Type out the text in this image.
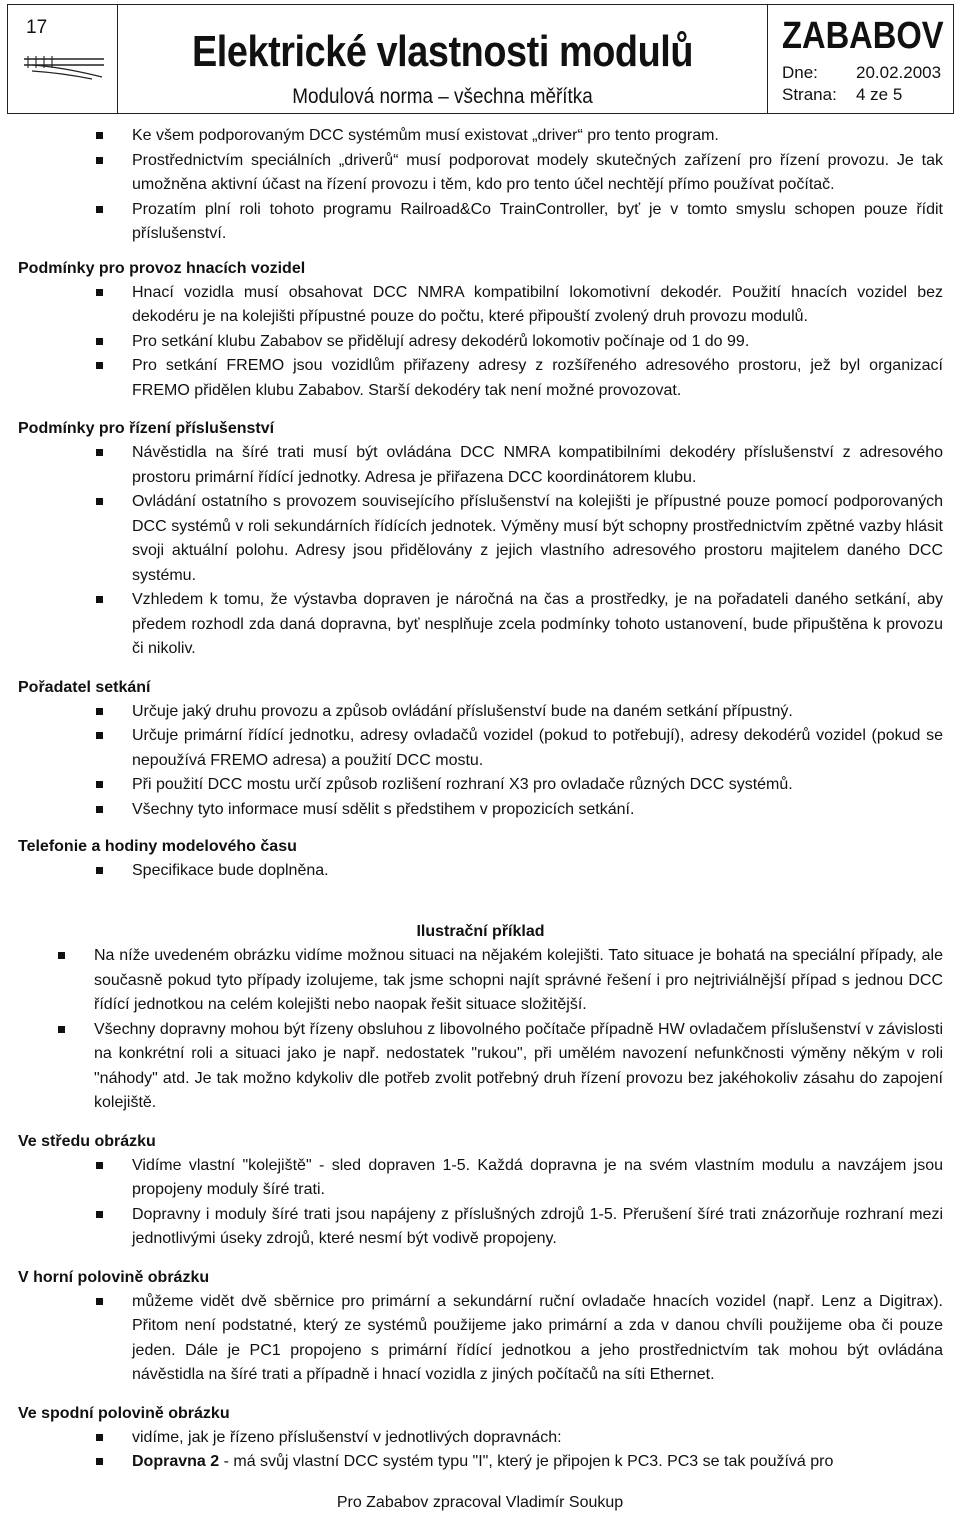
17	Elektrické vlastnosti modulů
Modulová norma – všechna měřítka
ZABABOV
Dne: 20.02.2003
Strana: 4 ze 5
Ke všem podporovaným DCC systémům musí existovat „driver“ pro tento program.
Prostřednictvím speciálních „driverů“ musí podporovat modely skutečných zařízení pro řízení provozu. Je tak umožněna aktivní účast na řízení provozu i těm, kdo pro tento účel nechtějí přímo používat počítač.
Prozatím plní roli tohoto programu Railroad&Co TrainController, byť je v tomto smyslu schopen pouze řídit příslušenství.
Podmínky pro provoz hnacích vozidel
Hnací vozidla musí obsahovat DCC NMRA kompatibilní lokomotivní dekodér. Použití hnacích vozidel bez dekodéru je na kolejišti přípustné pouze do počtu, které připouští zvolený druh provozu modulů.
Pro setkání klubu Zababov se přidělují adresy dekodérů lokomotiv počínaje od 1 do 99.
Pro setkání FREMO jsou vozidlům přiřazeny adresy z rozšířeného adresového prostoru, jež byl organizací FREMO přidělen klubu Zababov. Starší dekodéry tak není možné provozovat.
Podmínky pro řízení příslušenství
Návěstidla na šíré trati musí být ovládána DCC NMRA kompatibilními dekodéry příslušenství z adresového prostoru primární řídící jednotky. Adresa je přiřazena DCC koordinátorem klubu.
Ovládání ostatního s provozem souvisejícího příslušenství na kolejišti je přípustné pouze pomocí podporovaných DCC systémů v roli sekundárních řídících jednotek. Výměny musí být schopny prostřednictvím zpětné vazby hlásit svoji aktuální polohu. Adresy jsou přidělovány z jejich vlastního adresového prostoru majitelem daného DCC systému.
Vzhledem k tomu, že výstavba dopraven je náročná na čas a prostředky, je na pořadateli daného setkání, aby předem rozhodl zda daná dopravna, byť nesplňuje zcela podmínky tohoto ustanovení, bude připuštěna k provozu či nikoliv.
Pořadatel setkání
Určuje jaký druhu provozu a způsob ovládání příslušenství bude na daném setkání přípustný.
Určuje primární řídící jednotku, adresy ovladačů vozidel (pokud to potřebují), adresy dekodérů vozidel (pokud se nepoužívá FREMO adresa) a použití DCC mostu.
Při použití DCC mostu určí způsob rozlišení rozhraní X3 pro ovladače různých DCC systémů.
Všechny tyto informace musí sdělit s předstihem v propozicích setkání.
Telefonie a hodiny modelového času
Specifikace bude doplněna.
Ilustrační příklad
Na níže uvedeném obrázku vidíme možnou situaci na nějakém kolejišti. Tato situace je bohatá na speciální případy, ale současně pokud tyto případy izolujeme, tak jsme schopni najít správné řešení i pro nejtriviálnější případ s jednou DCC řídící jednotkou na celém kolejišti nebo naopak řešit situace složitější.
Všechny dopravny mohou být řízeny obsluhou z libovolného počítače případně HW ovladačem příslušenství v závislosti na konkrétní roli a situaci jako je např. nedostatek "rukou", při umělém navození nefunkčnosti výměny někým v roli "náhody" atd. Je tak možno kdykoliv dle potřeb zvolit potřebný druh řízení provozu bez jakéhokoliv zásahu do zapojení kolejiště.
Ve středu obrázku
Vidíme vlastní "kolejiště" - sled dopraven 1-5. Každá dopravna je na svém vlastním modulu a navzájem jsou propojeny moduly šíré trati.
Dopravny i moduly šíré trati jsou napájeny z příslušných zdrojů 1-5. Přerušení šíré trati znázorňuje rozhraní mezi jednotlivými úseky zdrojů, které nesmí být vodivě propojeny.
V horní polovině obrázku
můžeme vidět dvě sběrnice pro primární a sekundární ruční ovladače hnacích vozidel (např. Lenz a Digitrax). Přitom není podstatné, který ze systémů použijeme jako primární a zda v danou chvíli použijeme oba či pouze jeden. Dále je PC1 propojeno s primární řídící jednotkou a jeho prostřednictvím tak mohou být ovládána návěstidla na šíré trati a případně i hnací vozidla z jiných počítačů na síti Ethernet.
Ve spodní polovině obrázku
vidíme, jak je řízeno příslušenství v jednotlivých dopravnách:
Dopravna 2 - má svůj vlastní DCC systém typu "I", který je připojen k PC3. PC3 se tak používá pro
Pro Zababov zpracoval Vladimír Soukup
